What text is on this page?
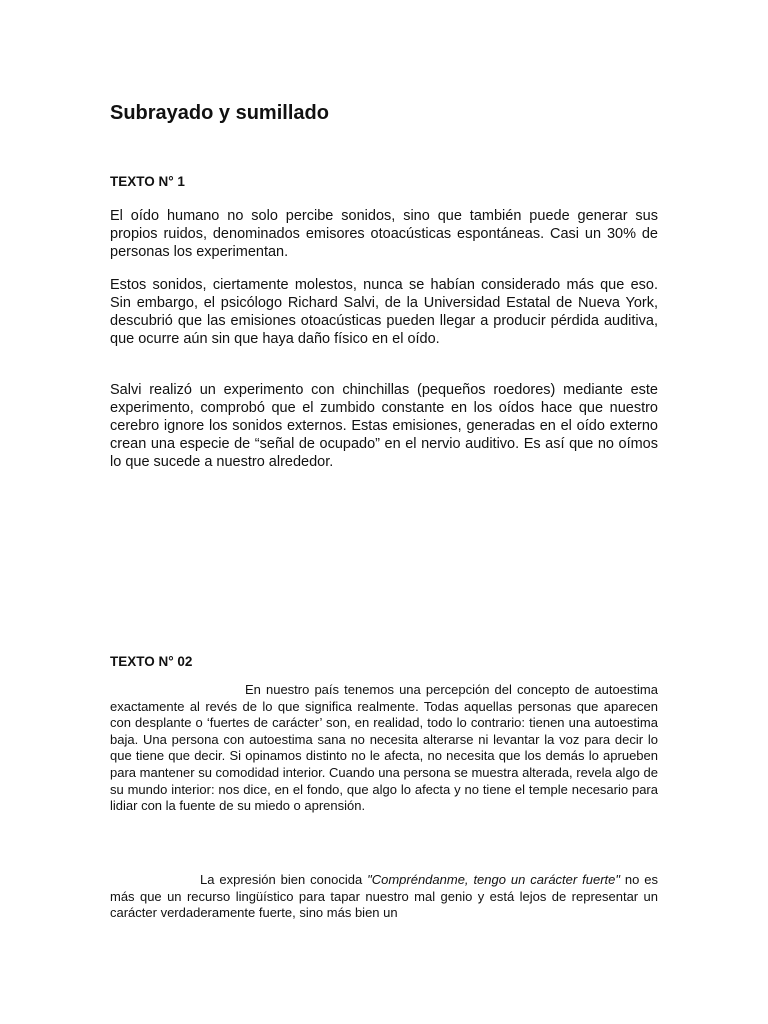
Subrayado y sumillado
TEXTO N° 1

El oído humano no solo percibe sonidos, sino que también puede generar sus propios ruidos, denominados emisores otoacústicas espontáneas. Casi un 30% de personas los experimentan.

Estos sonidos, ciertamente molestos, nunca se habían considerado más que eso. Sin embargo, el psicólogo Richard Salvi, de la Universidad Estatal de Nueva York, descubrió que las emisiones otoacústicas pueden llegar a producir pérdida auditiva, que ocurre aún sin que haya daño físico en el oído.

Salvi realizó un experimento con chinchillas (pequeños roedores) mediante este experimento, comprobó que el zumbido constante en los oídos hace que nuestro cerebro ignore los sonidos externos. Estas emisiones, generadas en el oído externo crean una especie de “señal de ocupado” en el nervio auditivo. Es así que no oímos lo que sucede a nuestro alrededor.

TEXTO N° 02

En nuestro país tenemos una percepción del concepto de autoestima exactamente al revés de lo que significa realmente. Todas aquellas personas que aparecen con desplante o ‘fuertes de carácter’ son, en realidad, todo lo contrario: tienen una autoestima baja. Una persona con autoestima sana no necesita alterarse ni levantar la voz para decir lo que tiene que decir. Si opinamos distinto no le afecta, no necesita que los demás lo aprueben para mantener su comodidad interior. Cuando una persona se muestra alterada, revela algo de su mundo interior: nos dice, en el fondo, que algo lo afecta y no tiene el temple necesario para lidiar con la fuente de su miedo o aprensión.

La expresión bien conocida "Compréndanme, tengo un carácter fuerte" no es más que un recurso lingüístico para tapar nuestro mal genio y está lejos de representar un carácter verdaderamente fuerte, sino más bien un
